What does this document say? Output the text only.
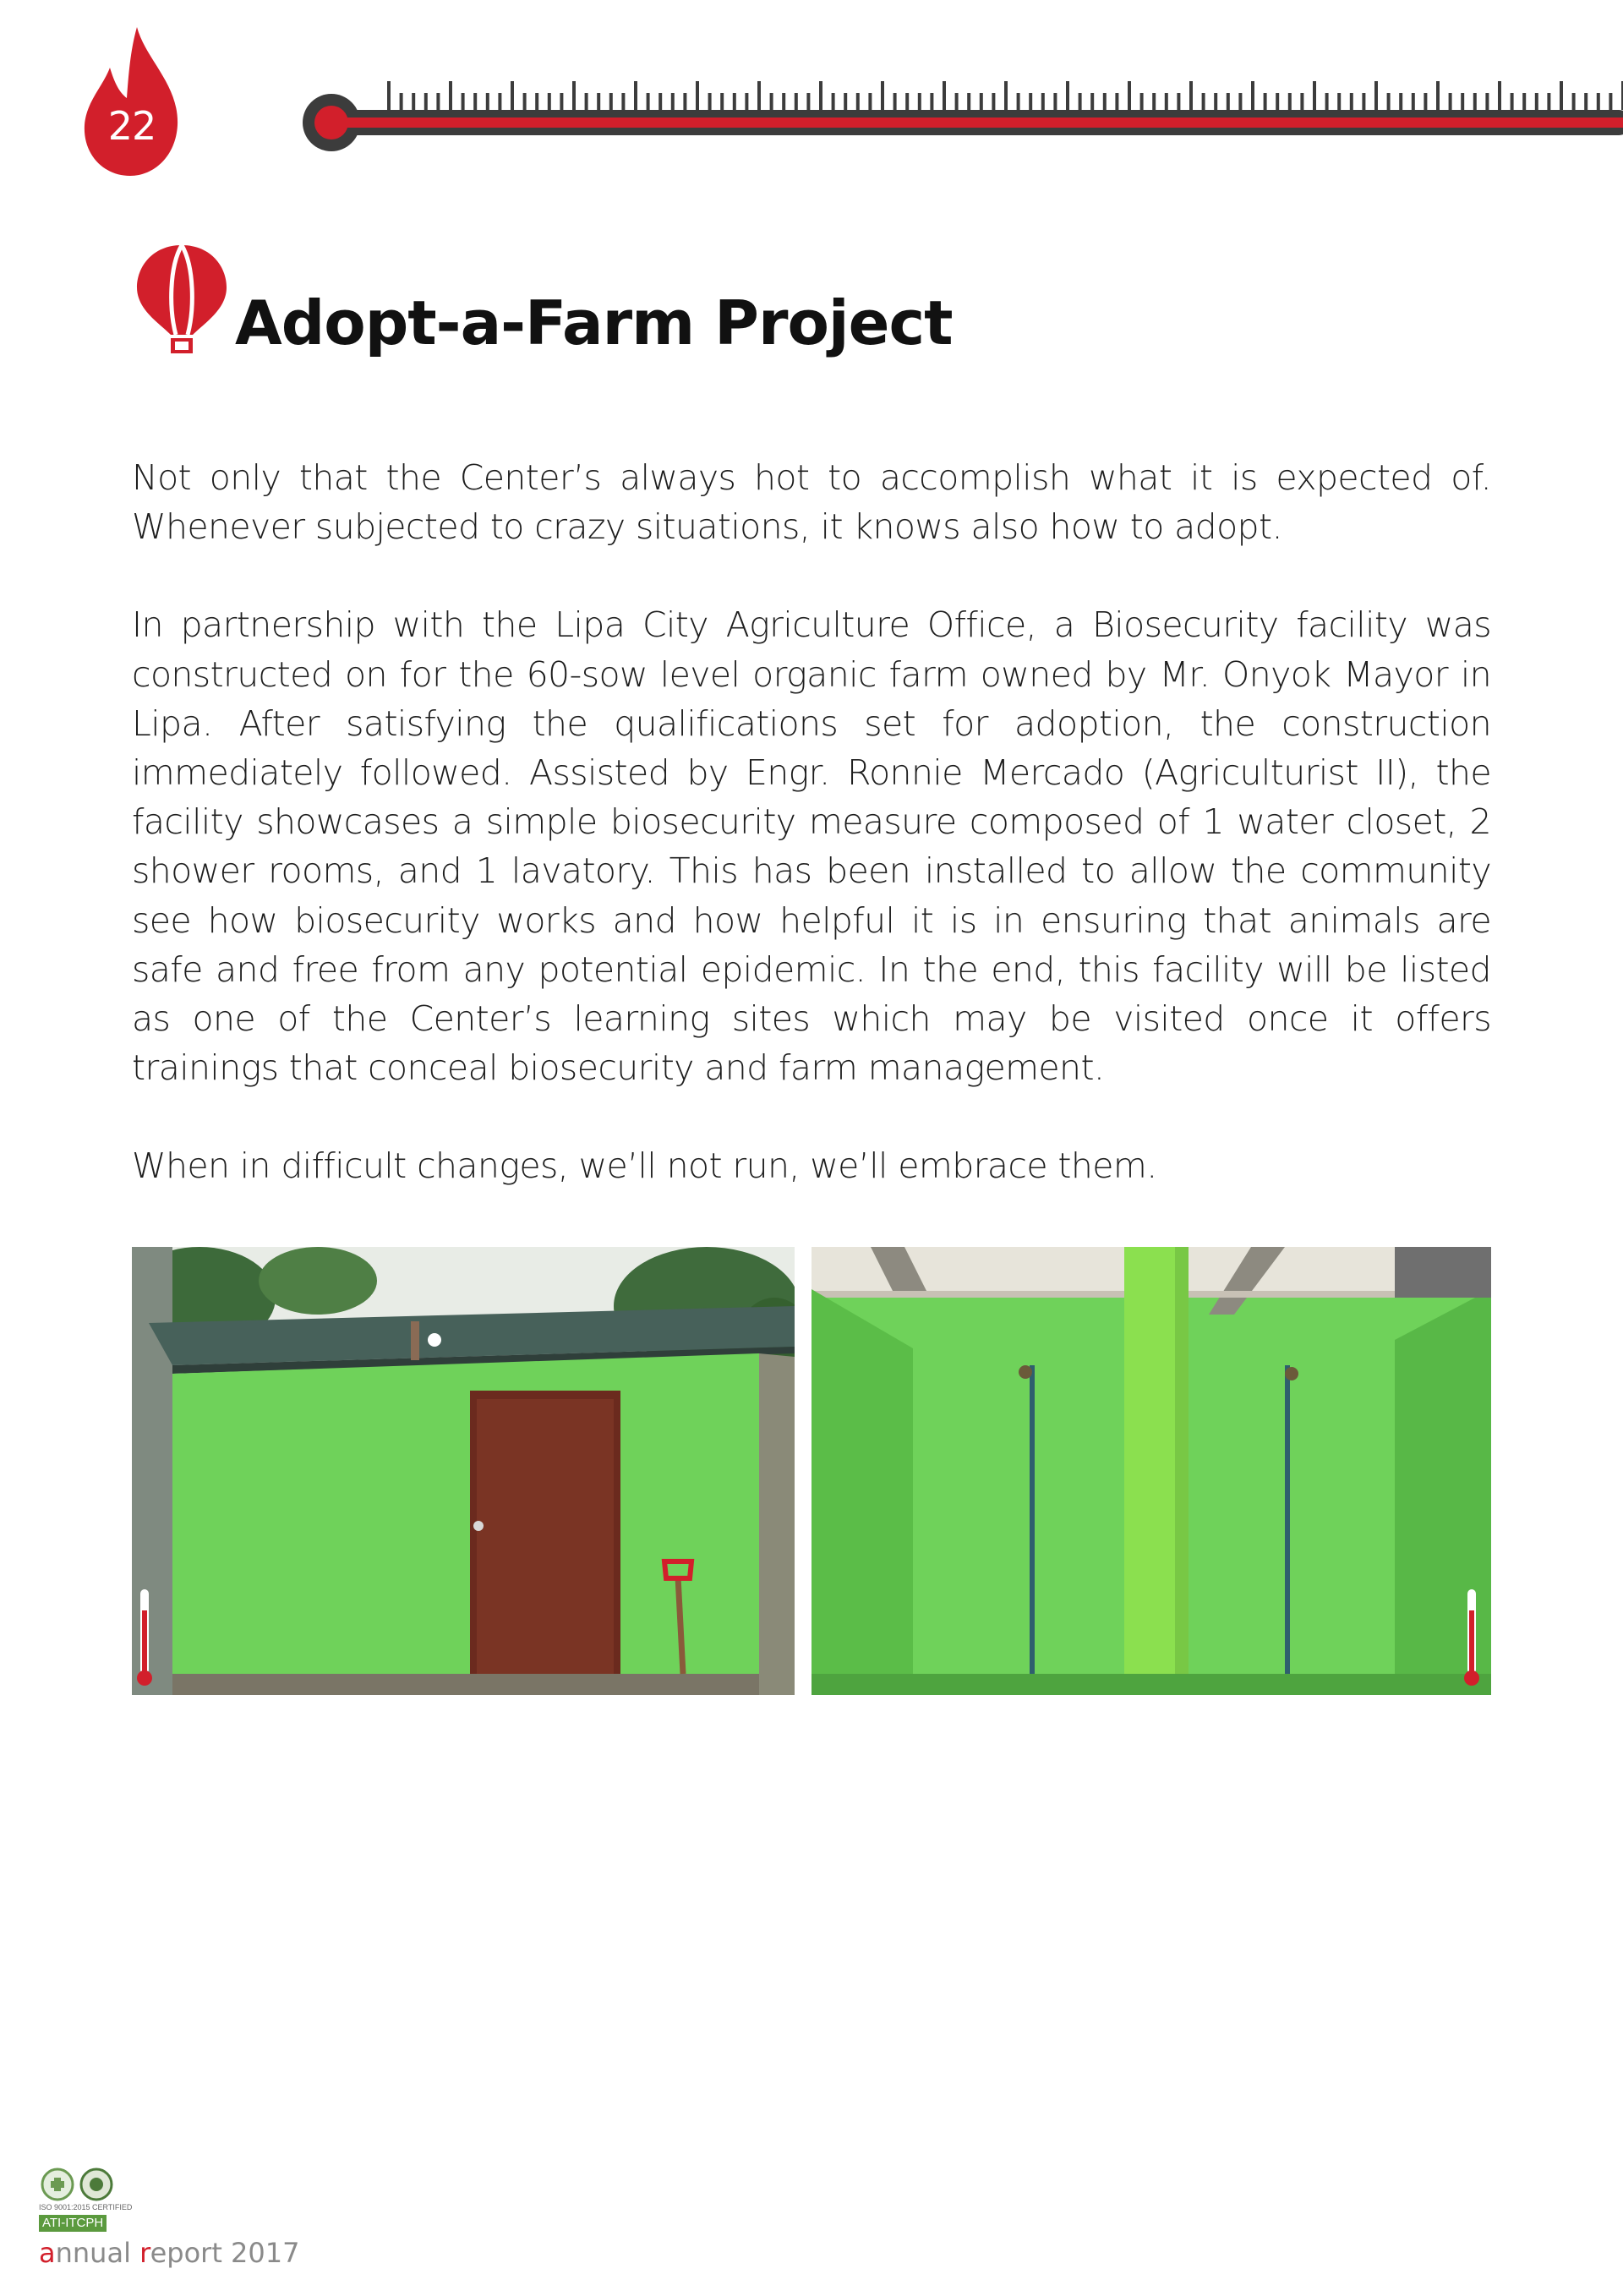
22
Adopt-a-Farm Project

Not only that the Center’s always hot to accomplish what it is expected of. Whenever subjected to crazy situations, it knows also how to adopt.

In partnership with the Lipa City Agriculture Office, a Biosecurity facility was constructed on for the 60-sow level organic farm owned by Mr. Onyok Mayor in Lipa. After satisfying the qualifications set for adoption, the construction immediately followed. Assisted by Engr. Ronnie Mercado (Agriculturist II), the facility showcases a simple biosecurity measure composed of 1 water closet, 2 shower rooms, and 1 lavatory. This has been installed to allow the community see how biosecurity works and how helpful it is in ensuring that animals are safe and free from any potential epidemic. In the end, this facility will be listed as one of the Center’s learning sites which may be visited once it offers trainings that conceal biosecurity and farm management.

When in difficult changes, we’ll not run, we’ll embrace them.

ISO 9001:2015 CERTIFIED
ATI-ITCPH
annual report 2017
